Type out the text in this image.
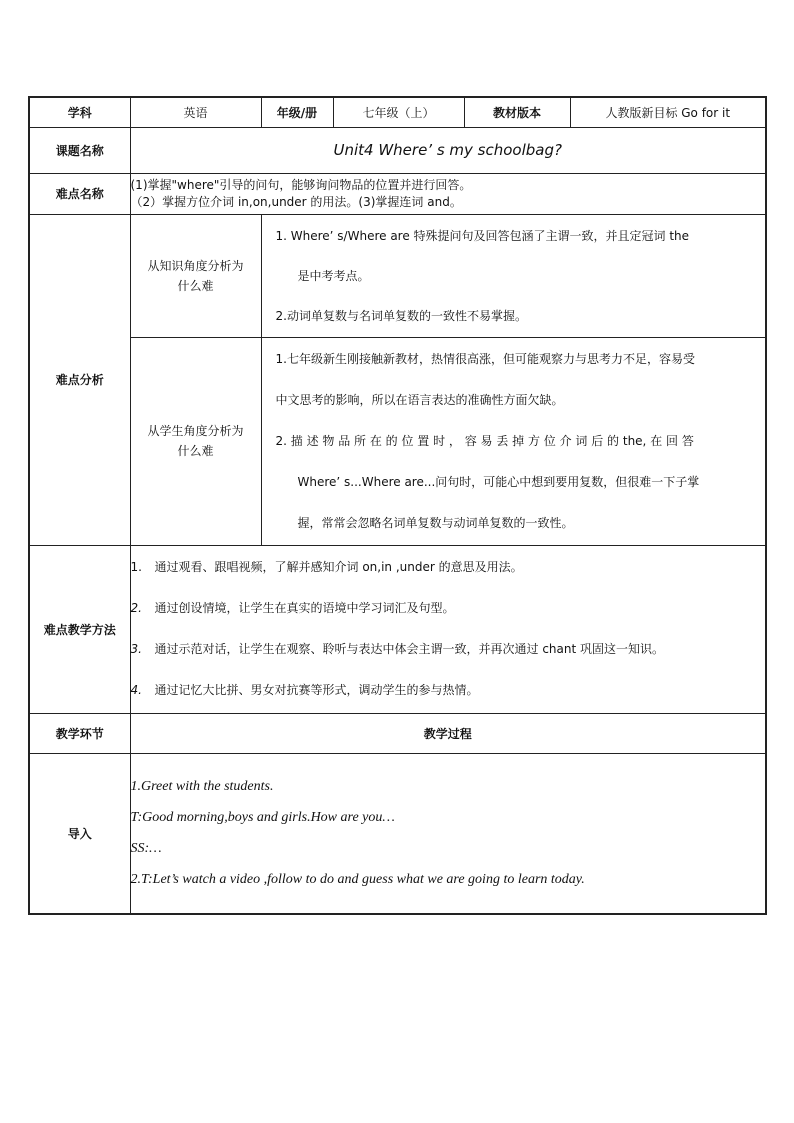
学科	英语	年级/册	七年级（上）	教材版本	人教版新目标 Go for it
课题名称	Unit4 Where’ s my schoolbag?				
难点名称	(1)掌握"where"引导的问句，能够询问物品的位置并进行回答。
（2）掌握方位介词 in,on,under 的用法。(3)掌握连词 and。				

难点分析	从知识角度分析为什么难	1. Where’ s/Where are 特殊提问句及回答包涵了主谓一致，并且定冠词 the
是中考考点。
2.动词单复数与名词单复数的一致性不易掌握。			

	从学生角度分析为什么难	1.七年级新生刚接触新教材，热情很高涨，但可能观察力与思考力不足，容易受
中文思考的影响，所以在语言表达的准确性方面欠缺。
2. 描 述 物 品 所 在 的 位 置 时 ， 容 易 丢 掉 方 位 介 词 后 的 the, 在 回 答
Where’ s...Where are...问句时，可能心中想到要用复数，但很难一下子掌
握，常常会忽略名词单复数与动词单复数的一致性。			

难点教学方法	1. 通过观看、跟唱视频，了解并感知介词 on,in ,under 的意思及用法。
2. 通过创设情境，让学生在真实的语境中学习词汇及句型。
3. 通过示范对话，让学生在观察、聆听与表达中体会主谓一致，并再次通过 chant 巩固这一知识。
4. 通过记忆大比拼、男女对抗赛等形式，调动学生的参与热情。				

教学环节	教学过程				
导入	1.Greet with the students.
T:Good morning,boys and girls.How are you…
SS:…
2.T:Let’s watch a video ,follow to do and guess what we are going to learn today.				
